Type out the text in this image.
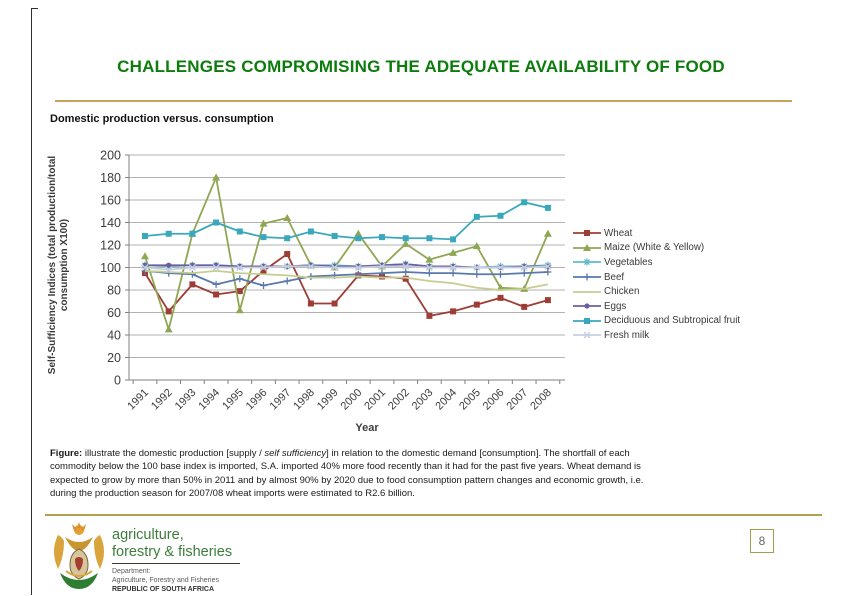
CHALLENGES COMPROMISING THE ADEQUATE AVAILABILITY OF FOOD
Domestic production versus. consumption
0
20
40
60
80
100
120
140
160
180
200
1991
1992
1993
1994
1995
1996
1997
1998
1999
2000
2001
2002
2003
2004
2005
2006
2007
2008
Year
Self-Sufficiency Indices (total production/total consumption X100)	Wheat
Maize (White & Yellow)
Vegetables
Beef
Chicken
Eggs
Deciduous and Subtropical fruit
Fresh milk
Figure: illustrate the domestic production [supply / self sufficiency] in relation to the domestic demand [consumption]. The shortfall of each
commodity below the 100 base index is imported, S.A. imported 40% more food recently than it had for the past five years. Wheat demand is
expected to grow by more than 50% in 2011 and by almost 90% by 2020 due to food consumption pattern changes and economic growth, i.e.
during the production season for 2007/08 wheat imports were estimated to R2.6 billion.
agriculture,
forestry & fisheries
Department:
Agriculture, Forestry and Fisheries
REPUBLIC OF SOUTH AFRICA
8
